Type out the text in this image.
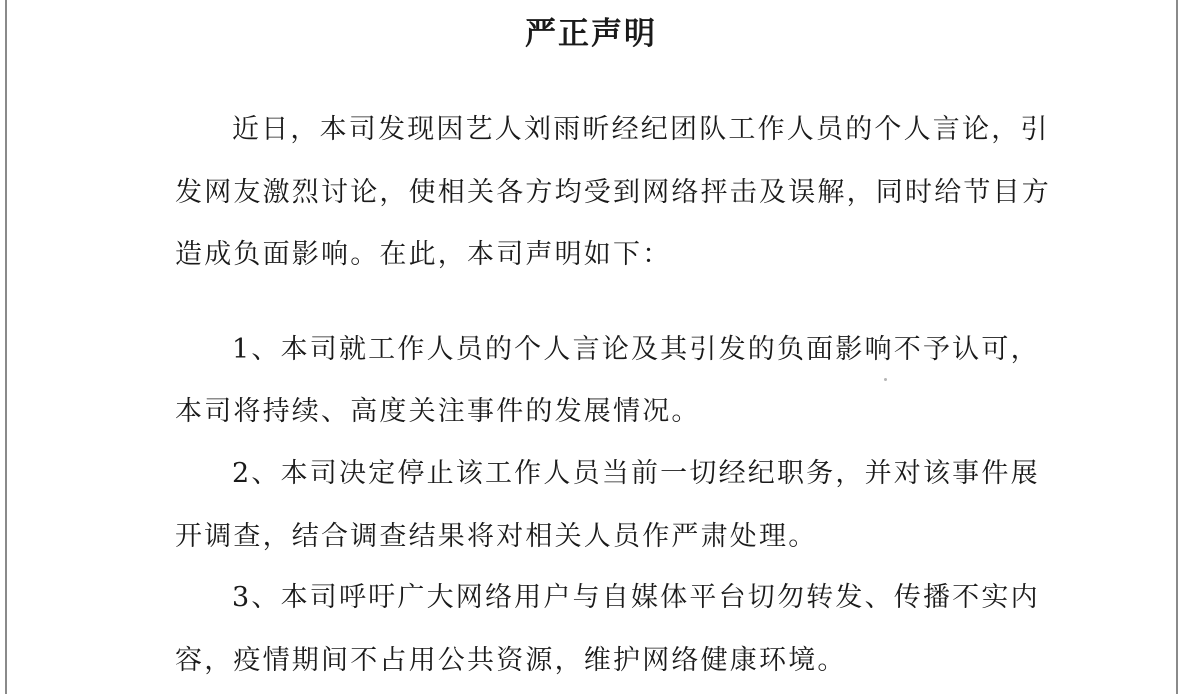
严正声明
近日，本司发现因艺人刘雨昕经纪团队工作人员的个人言论，引
发网友激烈讨论，使相关各方均受到网络抨击及误解，同时给节目方
造成负面影响。在此，本司声明如下：
1、本司就工作人员的个人言论及其引发的负面影响不予认可，
本司将持续、高度关注事件的发展情况。
2、本司决定停止该工作人员当前一切经纪职务，并对该事件展
开调查，结合调查结果将对相关人员作严肃处理。
3、本司呼吁广大网络用户与自媒体平台切勿转发、传播不实内
容，疫情期间不占用公共资源，维护网络健康环境。
